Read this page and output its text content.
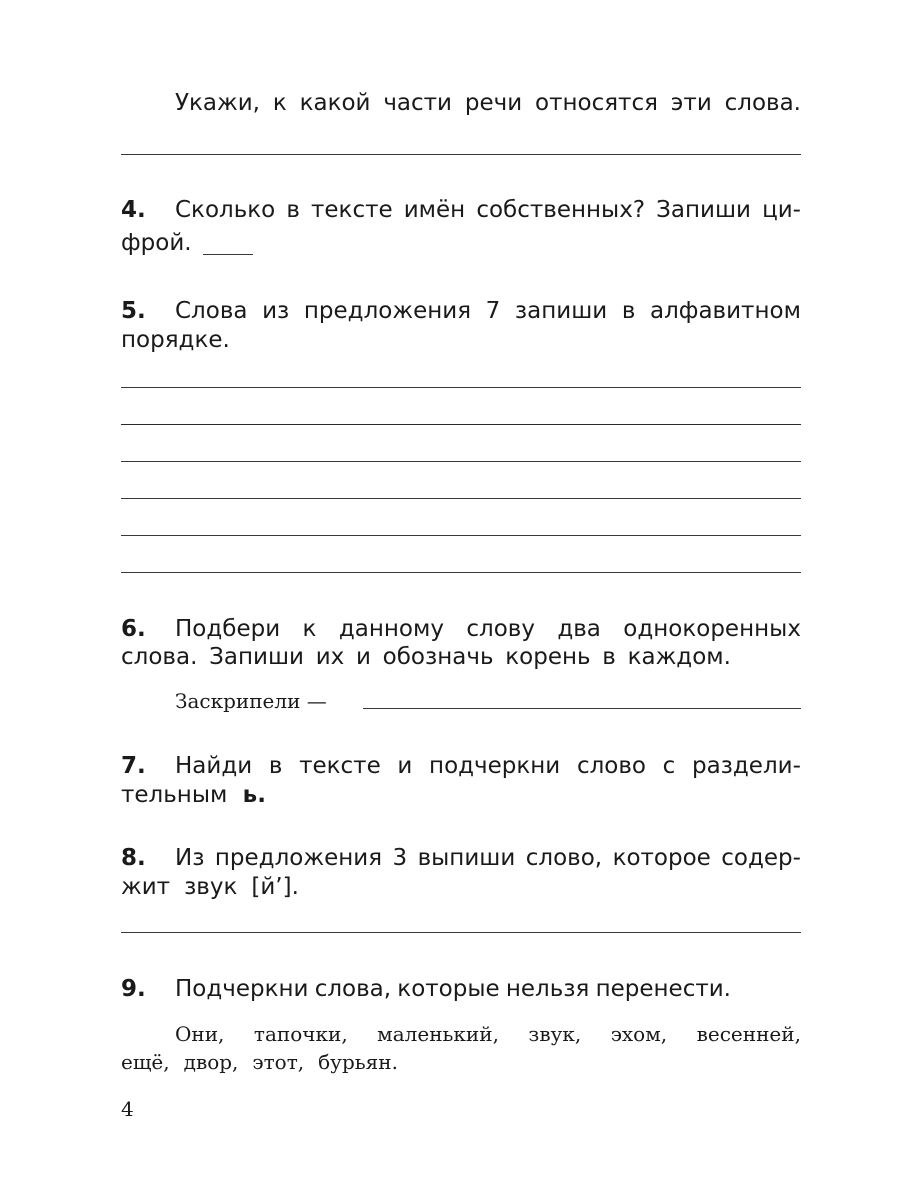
Укажи, к какой части речи относятся эти слова.
4. Сколько в тексте имён собственных? Запиши ци-
фрой.
5. Слова из предложения 7 запиши в алфавитном
порядке.
6. Подбери к данному слову два однокоренных
слова. Запиши их и обозначь корень в каждом.
Заскрипели —
7. Найди в тексте и подчеркни слово с раздели-
тельным ь.
8. Из предложения 3 выпиши слово, которое содер-
жит звук [й’].
9. Подчеркни слова, которые нельзя перенести.
Они, тапочки, маленький, звук, эхом, весенней,
ещё, двор, этот, бурьян.
4
